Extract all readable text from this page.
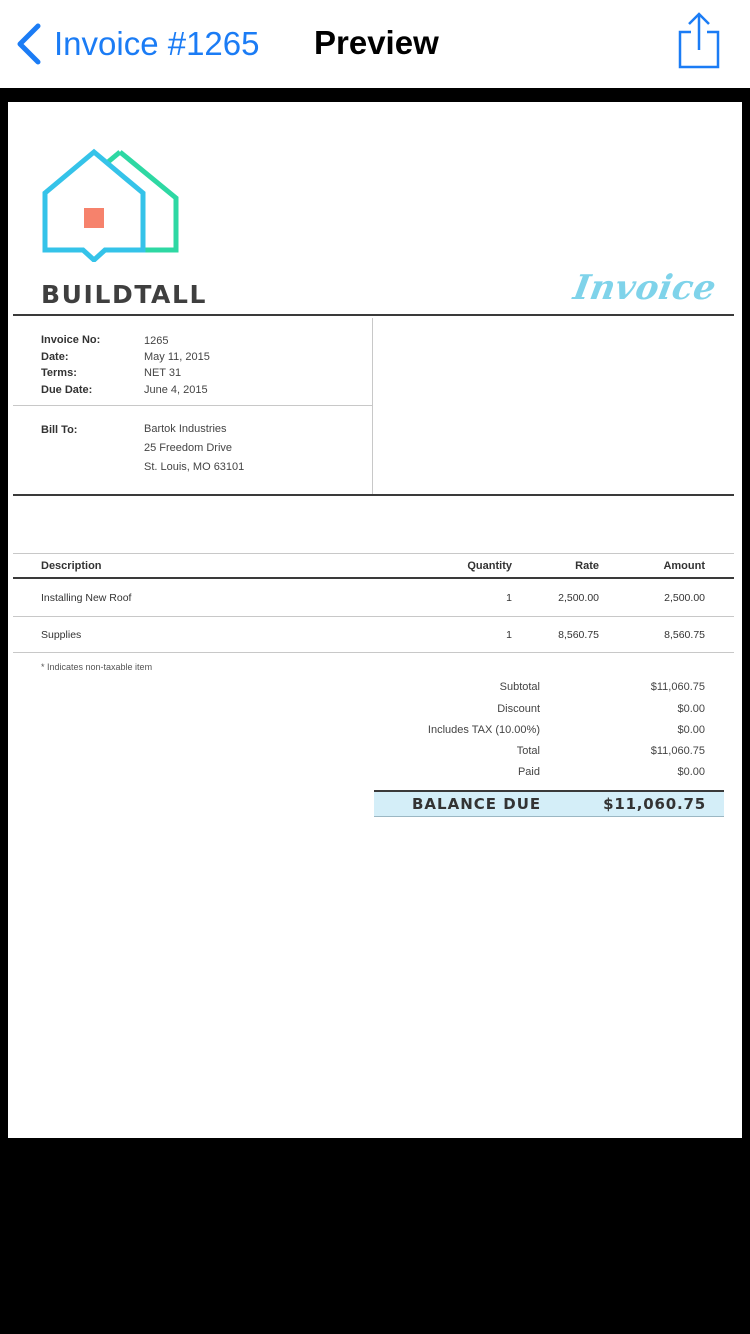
Invoice #1265 Preview
BUILDTALL	Invoice
Invoice No:	1265
Date:	May 11, 2015
Terms:	NET 31
Due Date:	June 4, 2015
Bill To:	Bartok Industries
25 Freedom Drive
St. Louis, MO 63101
Description	Quantity	Rate	Amount
Installing New Roof	1	2,500.00	2,500.00
Supplies	1	8,560.75	8,560.75
* Indicates non-taxable item
Subtotal	$11,060.75
Discount	$0.00
Includes TAX (10.00%)	$0.00
Total	$11,060.75
Paid	$0.00
BALANCE DUE	$11,060.75
